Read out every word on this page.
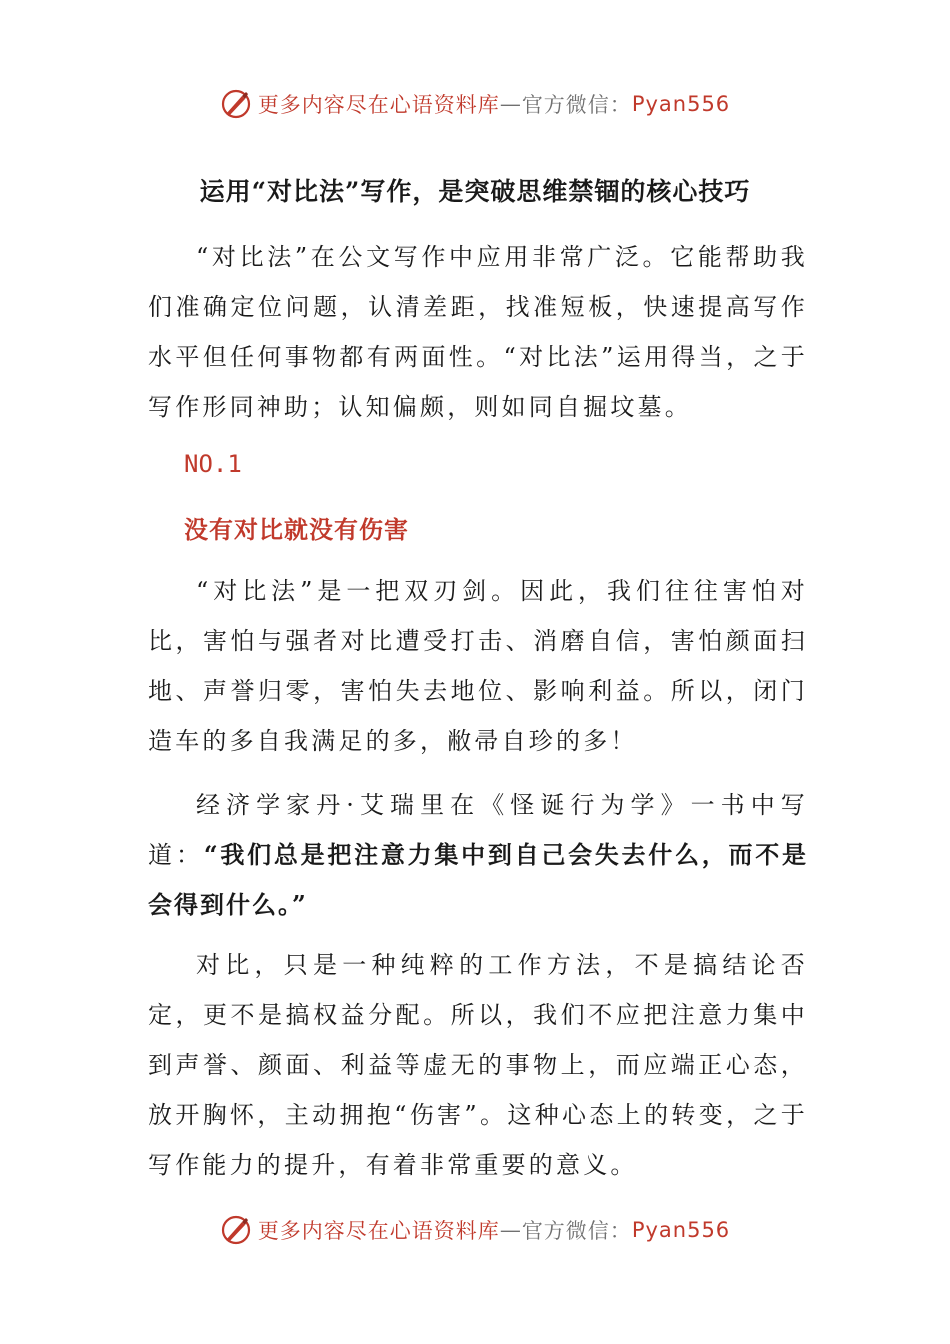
更多内容尽在心语资料库 — 官方微信： Pyan556
运用“对比法”写作，是突破思维禁锢的核心技巧

“对比法”在公文写作中应用非常广泛。它能帮助我们准确定位问题，认清差距，找准短板，快速提高写作水平但任何事物都有两面性。“对比法”运用得当，之于写作形同神助；认知偏颇，则如同自掘坟墓。

NO.1
没有对比就没有伤害

“对比法”是一把双刃剑。因此，我们往往害怕对比，害怕与强者对比遭受打击、消磨自信，害怕颜面扫地、声誉归零，害怕失去地位、影响利益。所以，闭门造车的多自我满足的多，敝帚自珍的多！

经济学家丹·艾瑞里在《怪诞行为学》一书中写道：“我们总是把注意力集中到自己会失去什么，而不是会得到什么。”

对比，只是一种纯粹的工作方法，不是搞结论否定，更不是搞权益分配。所以，我们不应把注意力集中到声誉、颜面、利益等虚无的事物上，而应端正心态，放开胸怀，主动拥抱“伤害”。这种心态上的转变，之于写作能力的提升，有着非常重要的意义。

更多内容尽在心语资料库 — 官方微信： Pyan556
